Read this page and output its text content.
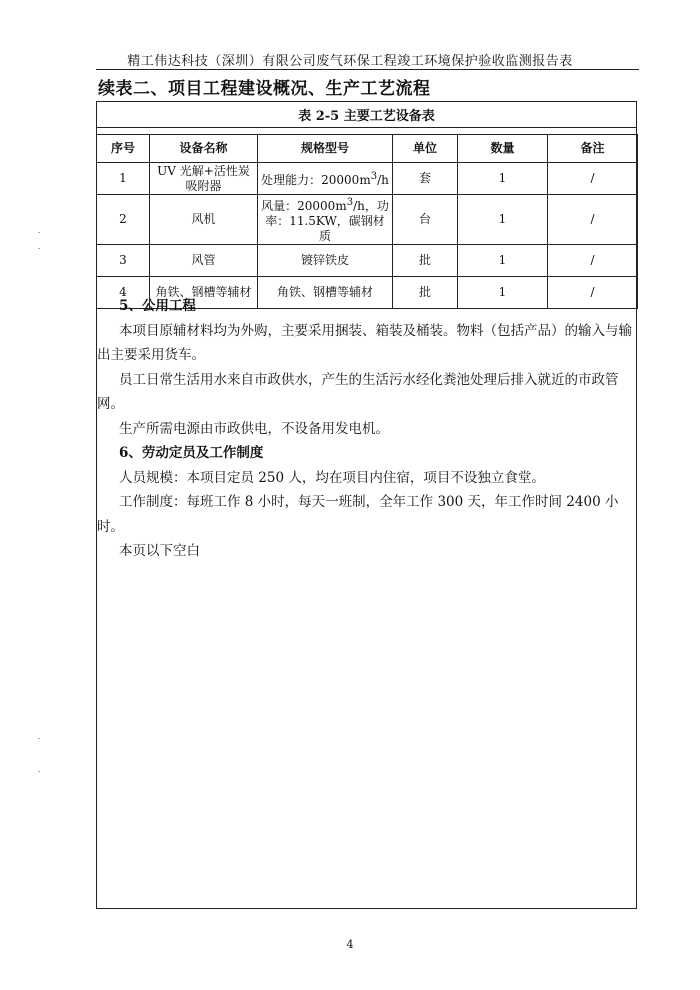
精工伟达科技（深圳）有限公司废气环保工程竣工环境保护验收监测报告表
续表二、项目工程建设概况、生产工艺流程
表 2-5 主要工艺设备表
序号	设备名称	规格型号	单位	数量	备注
1	UV 光解+活性炭吸附器	处理能力：$20000m^3/h$	套	1	/
2	风机	风量：$20000m^3/h$，功率：11.5KW，碳钢材质	台	1	/
3	风管	镀锌铁皮	批	1	/
4	角铁、钢槽等辅材	角铁、钢槽等辅材	批	1	/

5、公用工程

本项目原辅材料均为外购，主要采用捆装、箱装及桶装。物料（包括产品）的输入与输出主要采用货车。

员工日常生活用水来自市政供水，产生的生活污水经化粪池处理后排入就近的市政管网。

生产所需电源由市政供电，不设备用发电机。

6、劳动定员及工作制度

人员规模：本项目定员 250 人，均在项目内住宿，项目不设独立食堂。

工作制度：每班工作 8 小时，每天一班制，全年工作 300 天，年工作时间 2400 小时。

本页以下空白

4
